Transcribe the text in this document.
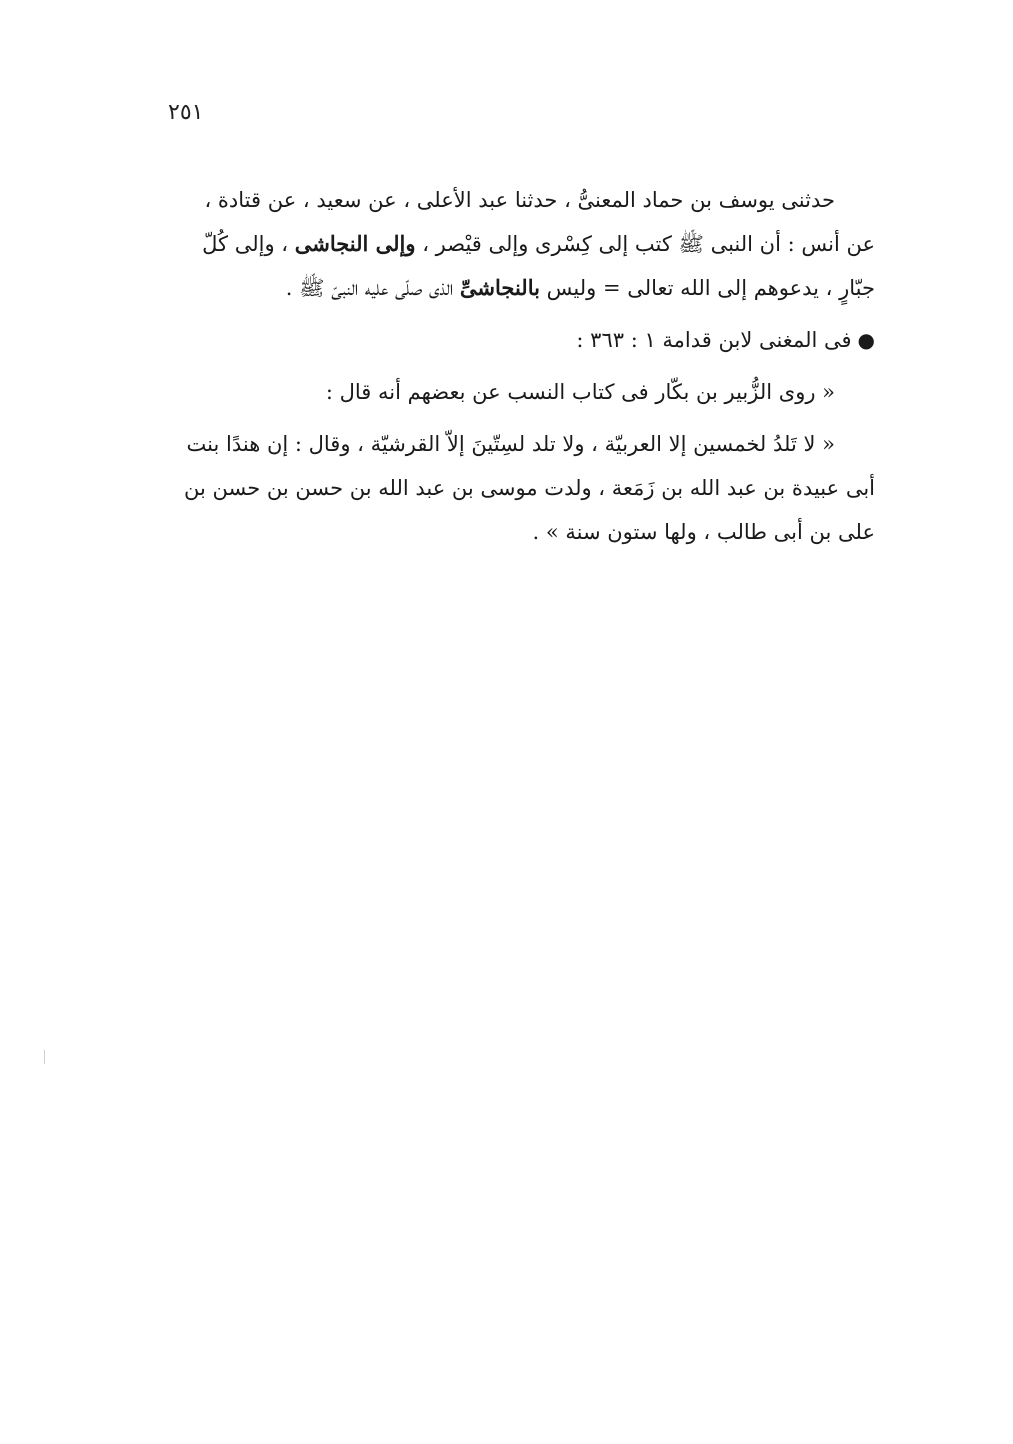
٢٥١
حدثنى يوسف بن حماد المعنىُّ ، حدثنا عبد الأعلى ، عن سعيد ، عن قتادة ،
عن أنس : أن النبى ﷺ كتب إلى كِسْرى وإلى قيْصر ، وإلى النجاشى ، وإلى كُلّ
جبّارٍ ، يدعوهم إلى الله تعالى = وليس بالنجاشىِّ الذى صلّى عليه النبىّ ﷺ .
●فى المغنى لابن قدامة ١ : ٣٦٣ :
« روى الزُّبير بن بكّار فى كتاب النسب عن بعضهم أنه قال :
« لا تَلدُ لخمسين إلا العربيّة ، ولا تلد لسِتّينَ إلاّ القرشيّة ، وقال : إن هندًا بنت
أبى عبيدة بن عبد الله بن زَمَعة ، ولدت موسى بن عبد الله بن حسن بن حسن بن
على بن أبى طالب ، ولها ستون سنة » .
